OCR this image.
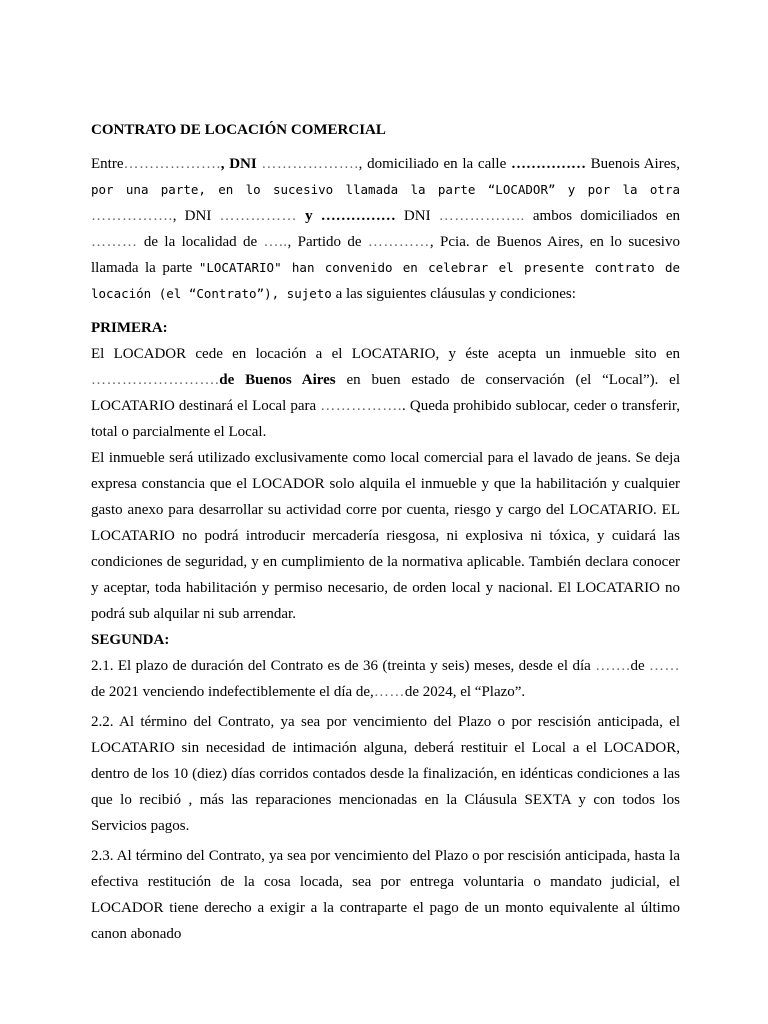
CONTRATO DE LOCACIÓN COMERCIAL

Entre………………., DNI ………………., domiciliado en la calle …………… Buenois Aires, por una parte, en lo sucesivo llamada la parte “LOCADOR” y por la otra ……………., DNI …………… y …………… DNI …………….. ambos domiciliados en ……… de la localidad de ….., Partido de …………, Pcia. de Buenos Aires, en lo sucesivo llamada la parte "LOCATARIO" han convenido en celebrar el presente contrato de locación (el “Contrato”), sujeto a las siguientes cláusulas y condiciones:

PRIMERA:

El LOCADOR cede en locación a el LOCATARIO, y éste acepta un inmueble sito en …………………….de Buenos Aires en buen estado de conservación (el “Local”). el LOCATARIO destinará el Local para …………….. Queda prohibido sublocar, ceder o transferir, total o parcialmente el Local.

El inmueble será utilizado exclusivamente como local comercial para el lavado de jeans. Se deja expresa constancia que el LOCADOR solo alquila el inmueble y que la habilitación y cualquier gasto anexo para desarrollar su actividad corre por cuenta, riesgo y cargo del LOCATARIO. EL LOCATARIO no podrá introducir mercadería riesgosa, ni explosiva ni tóxica, y cuidará las condiciones de seguridad, y en cumplimiento de la normativa aplicable. También declara conocer y aceptar, toda habilitación y permiso necesario, de orden local y nacional. El LOCATARIO no podrá sub alquilar ni sub arrendar.

SEGUNDA:

2.1. El plazo de duración del Contrato es de 36 (treinta y seis) meses, desde el día …….de ……de 2021 venciendo indefectiblemente el día de,……de 2024, el “Plazo”.

2.2. Al término del Contrato, ya sea por vencimiento del Plazo o por rescisión anticipada, el LOCATARIO sin necesidad de intimación alguna, deberá restituir el Local a el LOCADOR, dentro de los 10 (diez) días corridos contados desde la finalización, en idénticas condiciones a las que lo recibió , más las reparaciones mencionadas en la Cláusula SEXTA y con todos los Servicios pagos.

2.3. Al término del Contrato, ya sea por vencimiento del Plazo o por rescisión anticipada, hasta la efectiva restitución de la cosa locada, sea por entrega voluntaria o mandato judicial, el LOCADOR tiene derecho a exigir a la contraparte el pago de un monto equivalente al último canon abonado
